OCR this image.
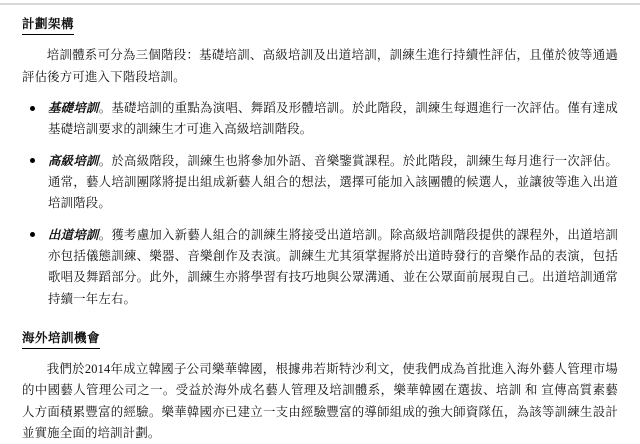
計劃架構

培訓體系可分為三個階段：基礎培訓、高級培訓及出道培訓，訓練生進行持續性評估，且僅於彼等通過評估後方可進入下階段培訓。

基礎培訓。基礎培訓的重點為演唱、舞蹈及形體培訓。於此階段，訓練生每週進行一次評估。僅有達成基礎培訓要求的訓練生才可進入高級培訓階段。
高級培訓。於高級階段，訓練生也將參加外語、音樂鑒賞課程。於此階段，訓練生每月進行一次評估。通常，藝人培訓團隊將提出組成新藝人組合的想法，選擇可能加入該團體的候選人，並讓彼等進入出道培訓階段。
出道培訓。獲考慮加入新藝人組合的訓練生將接受出道培訓。除高級培訓階段提供的課程外，出道培訓亦包括儀態訓練、樂器、音樂創作及表演。訓練生尤其須掌握將於出道時發行的音樂作品的表演，包括歌唱及舞蹈部分。此外，訓練生亦將學習有技巧地與公眾溝通、並在公眾面前展現自己。出道培訓通常持續一年左右。
海外培訓機會

我們於2014年成立韓國子公司樂華韓國，根據弗若斯特沙利文，使我們成為首批進入海外藝人管理市場的中國藝人管理公司之一。受益於海外成名藝人管理及培訓體系，樂華韓國在選拔、培訓 和 宣傳高質素藝人方面積累豐富的經驗。樂華韓國亦已建立一支由經驗豐富的導師組成的強大師資隊伍，為該等訓練生設計並實施全面的培訓計劃。
